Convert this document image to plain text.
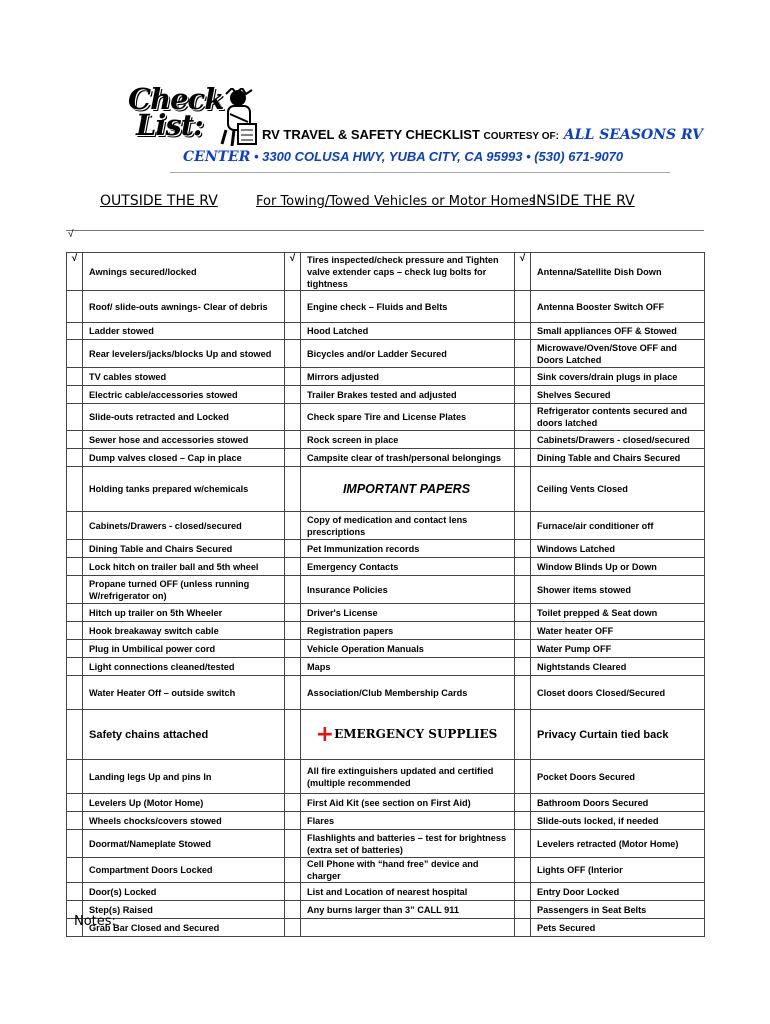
Check
List:	RV TRAVEL & SAFETY CHECKLIST COURTESY OF: ALL SEASONS RV
CENTER • 3300 COLUSA HWY, YUBA CITY, CA 95993 • (530) 671-9070
OUTSIDE THE RV	For Towing/Towed Vehicles or Motor Homes
INSIDE THE RV
√
√	Awnings secured/locked	√	Tires inspected/check pressure and Tighten valve extender caps – check lug bolts for tightness	√	Antenna/Satellite Dish Down
	Roof/ slide-outs awnings- Clear of debris		Engine check – Fluids and Belts		Antenna Booster Switch OFF
	Ladder stowed		Hood Latched		Small appliances OFF & Stowed
	Rear levelers/jacks/blocks Up and stowed		Bicycles and/or Ladder Secured		Microwave/Oven/Stove OFF and Doors Latched
	TV cables stowed		Mirrors adjusted		Sink covers/drain plugs in place
	Electric cable/accessories stowed		Trailer Brakes tested and adjusted		Shelves Secured
	Slide-outs retracted and Locked		Check spare Tire and License Plates		Refrigerator contents secured and doors latched
	Sewer hose and accessories stowed		Rock screen in place		Cabinets/Drawers - closed/secured
	Dump valves closed – Cap in place		Campsite clear of trash/personal belongings		Dining Table and Chairs Secured
	Holding tanks prepared w/chemicals		IMPORTANT PAPERS		Ceiling Vents Closed
	Cabinets/Drawers - closed/secured		Copy of medication and contact lens prescriptions		Furnace/air conditioner off
	Dining Table and Chairs Secured		Pet Immunization records		Windows Latched
	Lock hitch on trailer ball and 5th wheel		Emergency Contacts		Window Blinds Up or Down
	Propane turned OFF (unless running W/refrigerator on)		Insurance Policies		Shower items stowed
	Hitch up trailer on 5th Wheeler		Driver's License		Toilet prepped & Seat down
	Hook breakaway switch cable		Registration papers		Water heater OFF
	Plug in Umbilical power cord		Vehicle Operation Manuals		Water Pump OFF
	Light connections cleaned/tested		Maps		Nightstands Cleared
	Water Heater Off – outside switch		Association/Club Membership Cards		Closet doors Closed/Secured
	Safety chains attached		+EMERGENCY SUPPLIES		Privacy Curtain tied back
	Landing legs Up and pins In		All fire extinguishers updated and certified (multiple recommended		Pocket Doors Secured
	Levelers Up (Motor Home)		First Aid Kit (see section on First Aid)		Bathroom Doors Secured
	Wheels chocks/covers stowed		Flares		Slide-outs locked, if needed
	Doormat/Nameplate Stowed		Flashlights and batteries – test for brightness (extra set of batteries)		Levelers retracted (Motor Home)
	Compartment Doors Locked		Cell Phone with “hand free” device and charger		Lights OFF (Interior
	Door(s) Locked		List and Location of nearest hospital		Entry Door Locked
	Step(s) Raised		Any burns larger than 3” CALL 911		Passengers in Seat Belts
	Grab Bar Closed and Secured				Pets Secured
Notes:
